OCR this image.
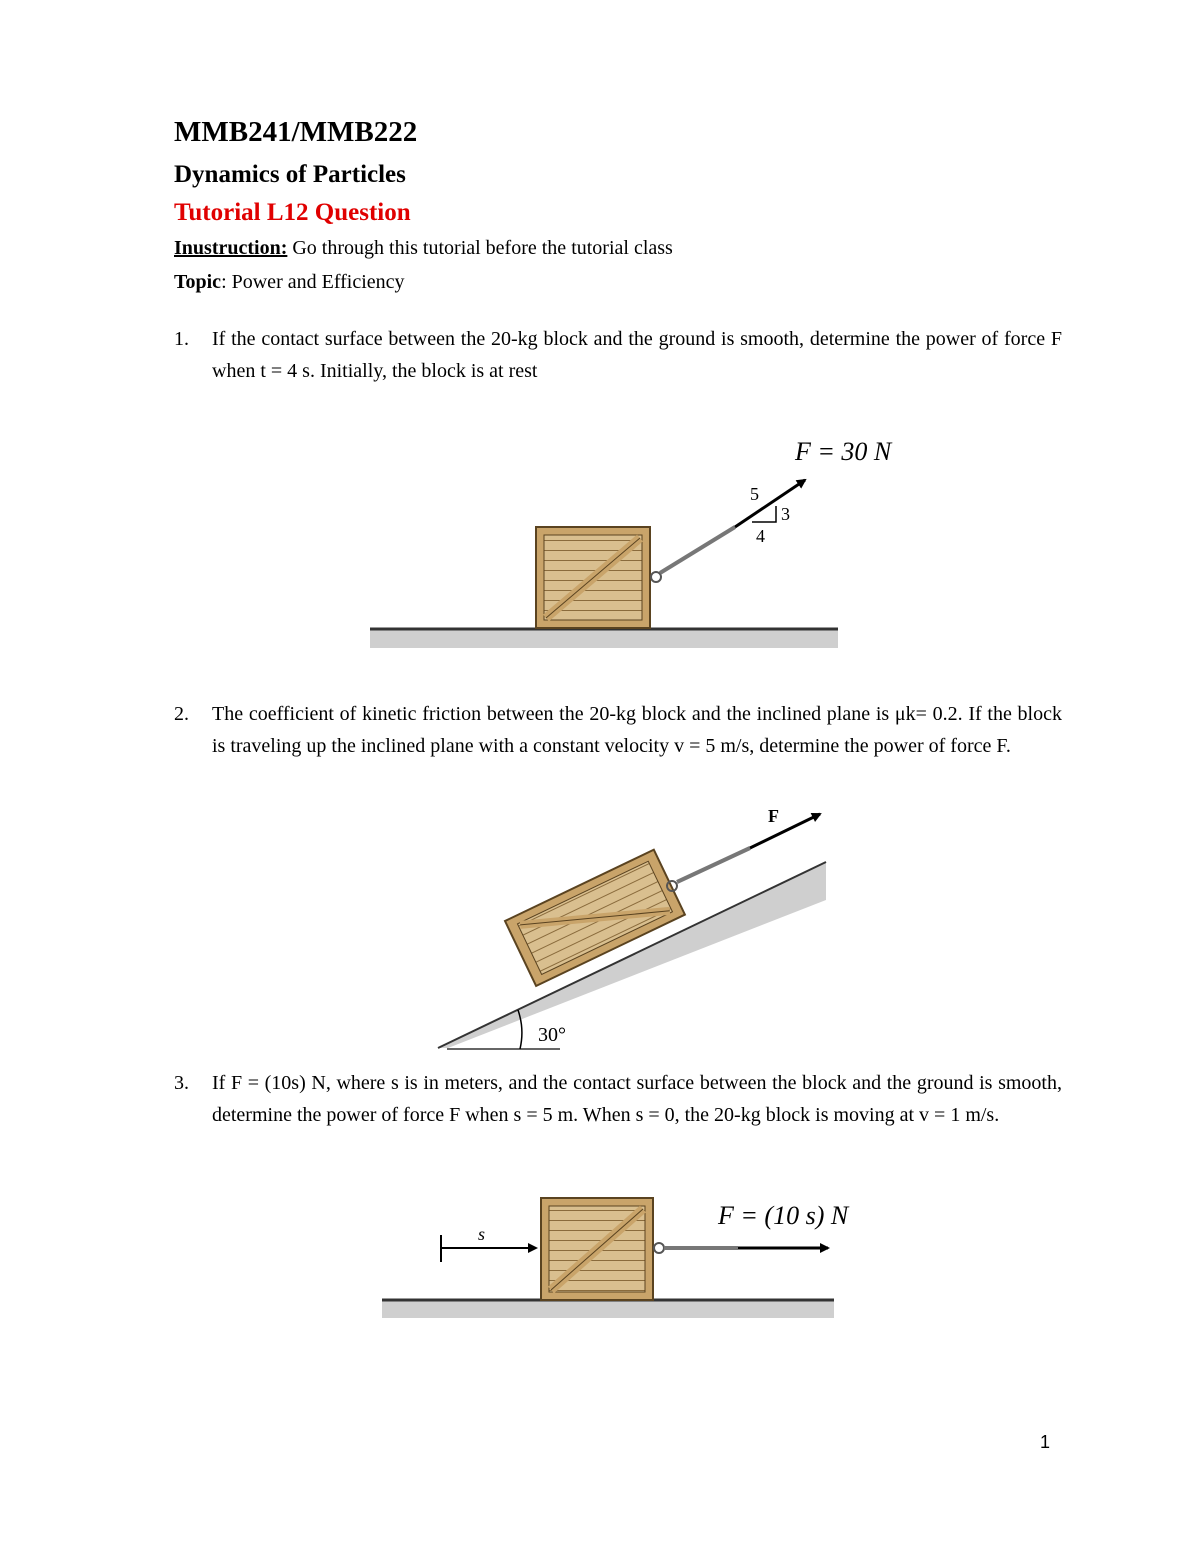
MMB241/MMB222

Dynamics of Particles

Tutorial L12 Question

Inustruction: Go through this tutorial before the tutorial class

Topic: Power and Efficiency

1.	If the contact surface between the 20-kg block and the ground is smooth, determine the power of force F when t = 4 s. Initially, the block is at rest
2.	The coefficient of kinetic friction between the 20-kg block and the inclined plane is μk= 0.2. If the block is traveling up the inclined plane with a constant velocity v = 5 m/s, determine the power of force F.
3.	If F = (10s) N, where s is in meters, and the contact surface between the block and the ground is smooth, determine the power of force F when s = 5 m. When s = 0, the 20-kg block is moving at v = 1 m/s.
F = 30 N
5
3
4
F
30°
s
F = (10 s) N

1
